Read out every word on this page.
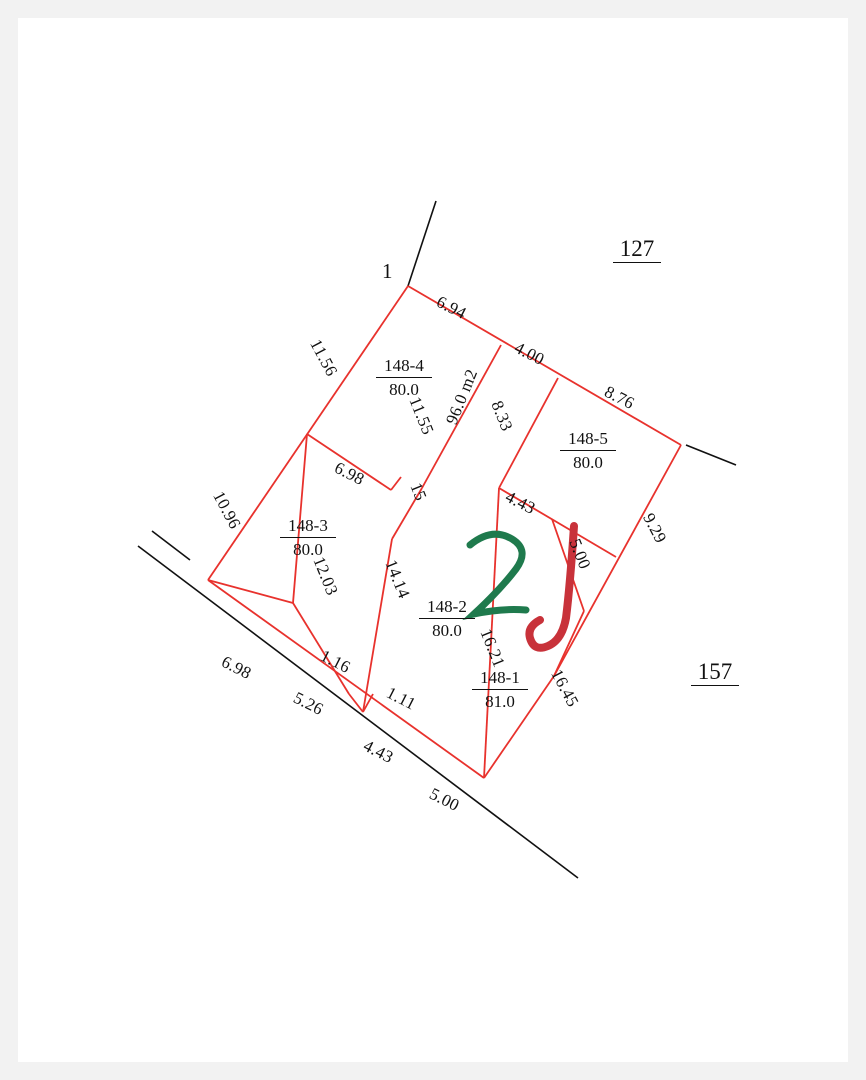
127
157
1
148-4
80.0
148-3
80.0
148-5
80.0
148-2
80.0
148-1
81.0
96.0 m2
6.94
4.00
8.76
11.56
10.96
6.98
11.55
15
8.33
4.43
9.29
5.00
12.03 14.14
16.21
16.45
6.98	1.16
1.11
5.26
4.43
5.00
